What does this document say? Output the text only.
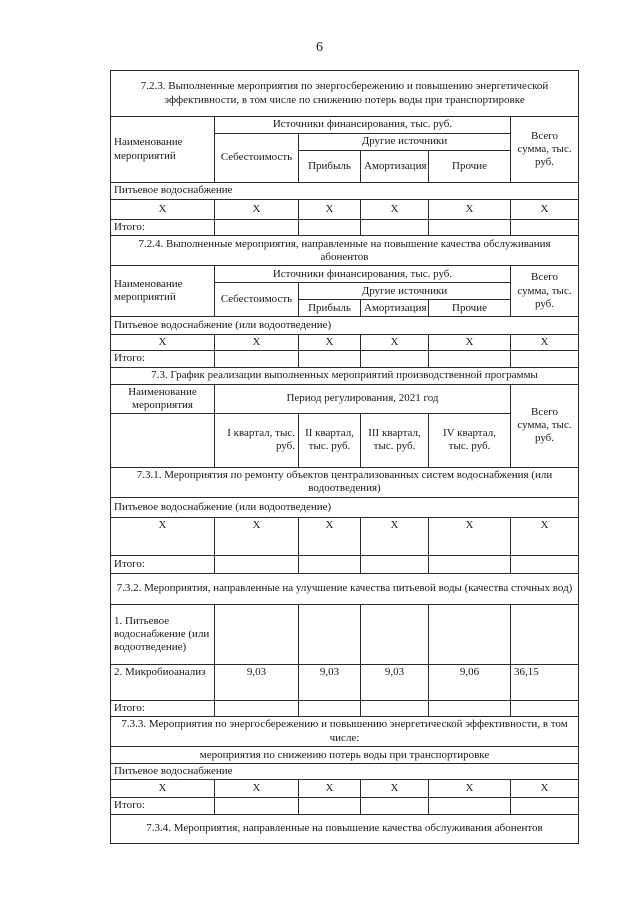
6
7.2.3. Выполненные мероприятия по энергосбережению и повышению энергетической эффективности, в том числе по снижению потерь воды при транспортировке					
Наименование мероприятий	Источники финансирования, тыс. руб.				Всего сумма, тыс. руб.
	Себестоимость	Другие источники			
		Прибыль	Амортизация	Прочие	
Питьевое водоснабжение					
X	X	X	X	X	X
Итого:					
7.2.4. Выполненные мероприятия, направленные на повышение качества обслуживания абонентов					
Наименование мероприятий	Источники финансирования, тыс. руб.				Всего сумма, тыс. руб.
	Себестоимость	Другие источники			
		Прибыль	Амортизация	Прочие	
Питьевое водоснабжение (или водоотведение)					
X	X	X	X	X	X
Итого:					
7.3. График реализации выполненных мероприятий производственной программы					
Наименование мероприятия	Период регулирования, 2021 год				Всего сумма, тыс. руб.
	I квартал, тыс. руб.	II квартал, тыс. руб.	III квартал, тыс. руб.	IV квартал, тыс. руб.	
7.3.1. Мероприятия по ремонту объектов централизованных систем водоснабжения (или водоотведения)					
Питьевое водоснабжение (или водоотведение)					
X	X	X	X	X	X
Итого:					
7.3.2. Мероприятия, направленные на улучшение качества питьевой воды (качества сточных вод)					
1. Питьевое водоснабжение (или водоотведение)					
2. Микробиоанализ	9,03	9,03	9,03	9,06	36,15
Итого:					
7.3.3. Мероприятия по энергосбережению и повышению энергетической эффективности, в том числе:					
мероприятия по снижению потерь воды при транспортировке					
Питьевое водоснабжение					
X	X	X	X	X	X
Итого:					
7.3.4. Мероприятия, направленные на повышение качества обслуживания абонентов					
